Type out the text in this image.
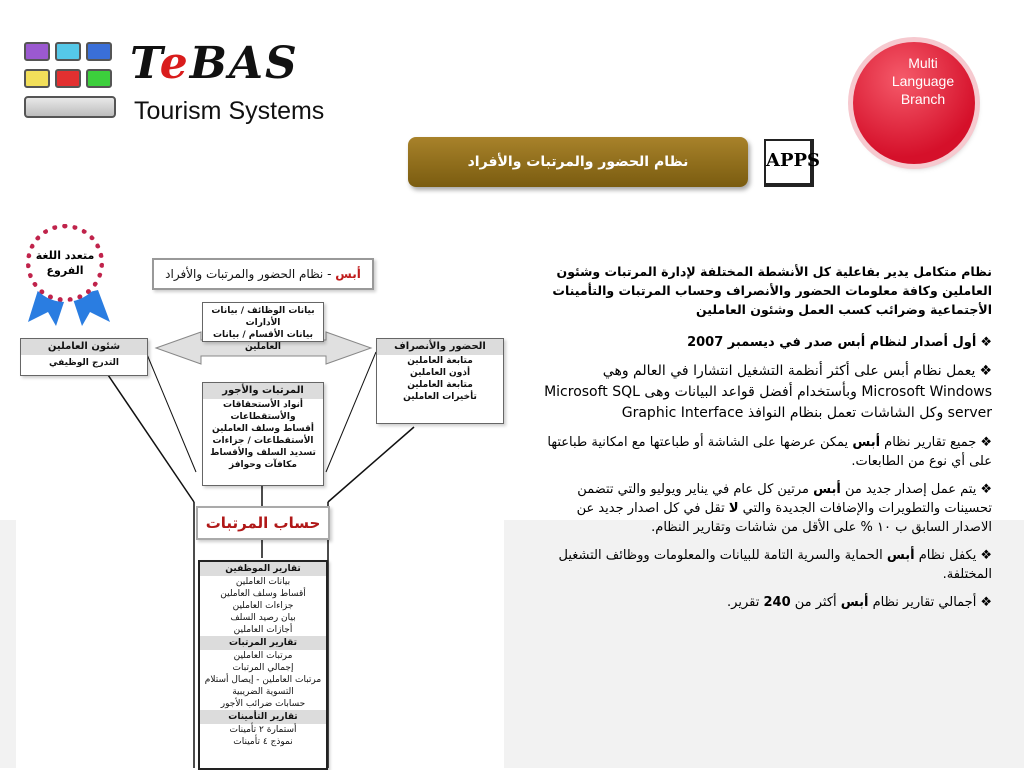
TeBAS
Tourism Systems
Multi
Language
Branch
نظام الحضور والمرتبات والأفراد	APPS
متعدد اللغة الفروع	أبس - نظام الحضور والمرتبات والأفراد
بيانات الوظائف / بيانات الأدارات
بيانات الأقسام / بيانات العاملين
شئون العاملين
التدرج الوظيفي
الحضور والأنصراف
متابعة العاملين
أذون العاملين
متابعة العاملين
تأخيرات العاملين
المرتبات والأجور
أنواد الأستحقاقات والأستقطاعات
أقساط وسلف العاملين
الأستقطاعات / جزاءات
تسديد السلف والأقساط
مكافآت وحوافز
حساب المرتبات
تقارير الموظفين
بيانات العاملين
أقساط وسلف العاملين
جزاءات العاملين
بيان رصيد السلف
أجازات العاملين
تقارير المرتبات
مرتبات العاملين
إجمالي المرتبات
مرتبات العاملين - إيصال أستلام
التسوية الضريبية
حسابات ضرائب الأجور
تقارير التأمينات
أستمارة ٢ تأمينات
نموذج ٤ تأمينات

نظام متكامل يدير بفاعلية كل الأنشطة المختلفة لإدارة المرتبات وشئون العاملين وكافة معلومات الحضور والأنصراف وحساب المرتبات والتأمينات الأجتماعية وضرائب كسب العمل وشئون العاملين

❖أول أصدار لنظام أبس صدر في ديسمبر 2007

❖يعمل نظام أبس على أكثر أنظمة التشغيل انتشارا في العالم وهي Microsoft Windows وبأستخدام أفضل قواعد البيانات وهى Microsoft SQL server وكل الشاشات تعمل بنظام النوافذ Graphic Interface

❖جميع تقارير نظام أبس يمكن عرضها على الشاشة أو طباعتها مع امكانية طباعتها على أي نوع من الطابعات.

❖يتم عمل إصدار جديد من أبس مرتين كل عام في يناير ويوليو والتي تتضمن تحسينات والتطويرات والإضافات الجديدة والتي لا تقل في كل اصدار جديد عن الاصدار السابق ب ١٠ % على الأقل من شاشات وتقارير النظام.

❖يكفل نظام أبس الحماية والسرية التامة للبيانات والمعلومات ووظائف التشغيل المختلفة.

❖أجمالي تقارير نظام أبس أكثر من 240 تقرير.
